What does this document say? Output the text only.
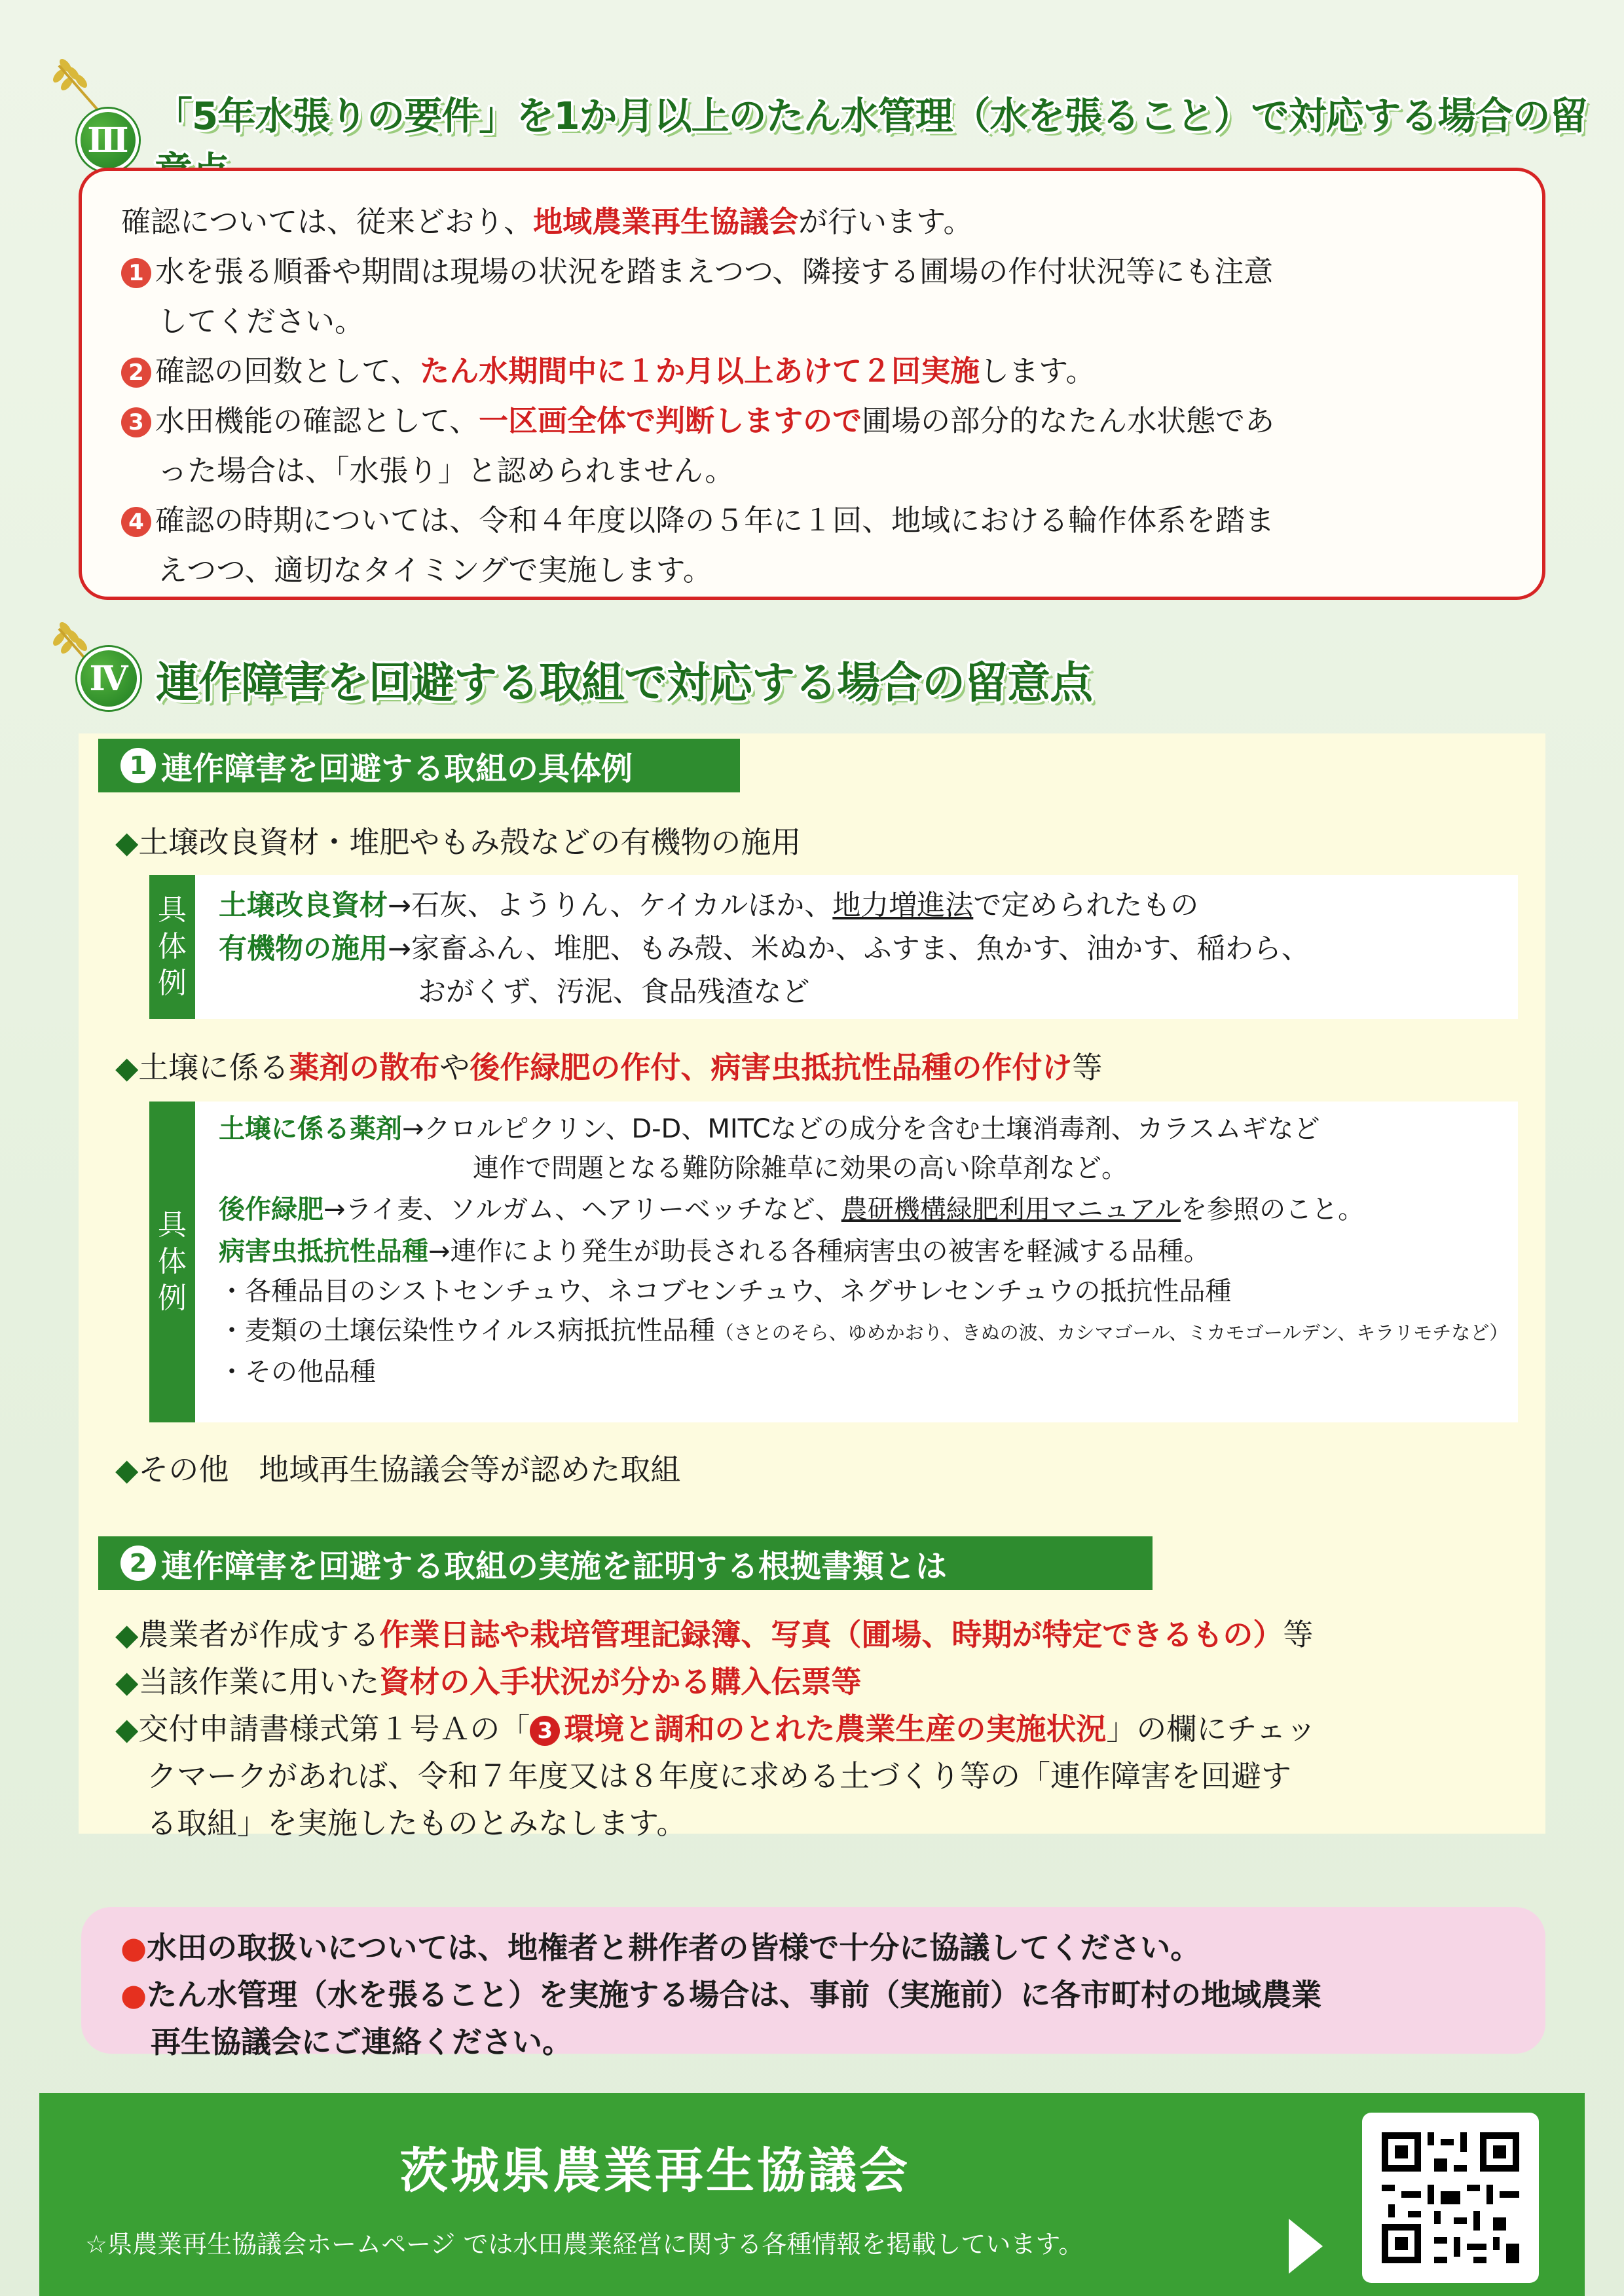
Ⅲ
「5年水張りの要件」を1か月以上のたん水管理（水を張ること）で対応する場合の留
確認については、従来どおり、地域農業再生協議会が行います。
1 水を張る順番や期間は現場の状況を踏まえつつ、隣接する圃場の作付状況等にも注意
してください。
2 確認の回数として、たん水期間中に１か月以上あけて２回実施します。
3 水田機能の確認として、一区画全体で判断しますので圃場の部分的なたん水状態であ
った場合は、「水張り」と認められません。
4 確認の時期については、令和４年度以降の５年に１回、地域における輪作体系を踏ま
えつつ、適切なタイミングで実施します。
Ⅳ 連作障害を回避する取組で対応する場合の留意点
1 連作障害を回避する取組の具体例
◆土壌改良資材・堆肥やもみ殻などの有機物の施用
具
体
例
土壌改良資材→石灰、ようりん、ケイカルほか、地力増進法で定められたもの
有機物の施用→家畜ふん、堆肥、もみ殻、米ぬか、ふすま、魚かす、油かす、稲わら、
おがくず、汚泥、食品残渣など
◆土壌に係る薬剤の散布や後作緑肥の作付、病害虫抵抗性品種の作付け等
具
体
例
土壌に係る薬剤→クロルピクリン、D-D、MITCなどの成分を含む土壌消毒剤、カラスムギなど
連作で問題となる難防除雑草に効果の高い除草剤など。
後作緑肥→ライ麦、ソルガム、ヘアリーベッチなど、農研機構緑肥利用マニュアルを参照のこと。
病害虫抵抗性品種→連作により発生が助長される各種病害虫の被害を軽減する品種。
・各種品目のシストセンチュウ、ネコブセンチュウ、ネグサレセンチュウの抵抗性品種
・麦類の土壌伝染性ウイルス病抵抗性品種（さとのそら、ゆめかおり、きぬの波、カシマゴール、ミカモゴールデン、キラリモチなど）
・その他品種
◆その他　地域再生協議会等が認めた取組
2 連作障害を回避する取組の実施を証明する根拠書類とは
◆農業者が作成する作業日誌や栽培管理記録簿、写真（圃場、時期が特定できるもの）等
◆当該作業に用いた資材の入手状況が分かる購入伝票等
◆交付申請書様式第１号Ａの「 3 環境と調和のとれた農業生産の実施状況」の欄にチェッ
クマークがあれば、令和７年度又は８年度に求める土づくり等の「連作障害を回避す
る取組」を実施したものとみなします。
●水田の取扱いについては、地権者と耕作者の皆様で十分に協議してください。
●たん水管理（水を張ること）を実施する場合は、事前（実施前）に各市町村の地域農業
再生協議会にご連絡ください。
茨城県農業再生協議会
☆県農業再生協議会ホームページ では水田農業経営に関する各種情報を掲載しています。
